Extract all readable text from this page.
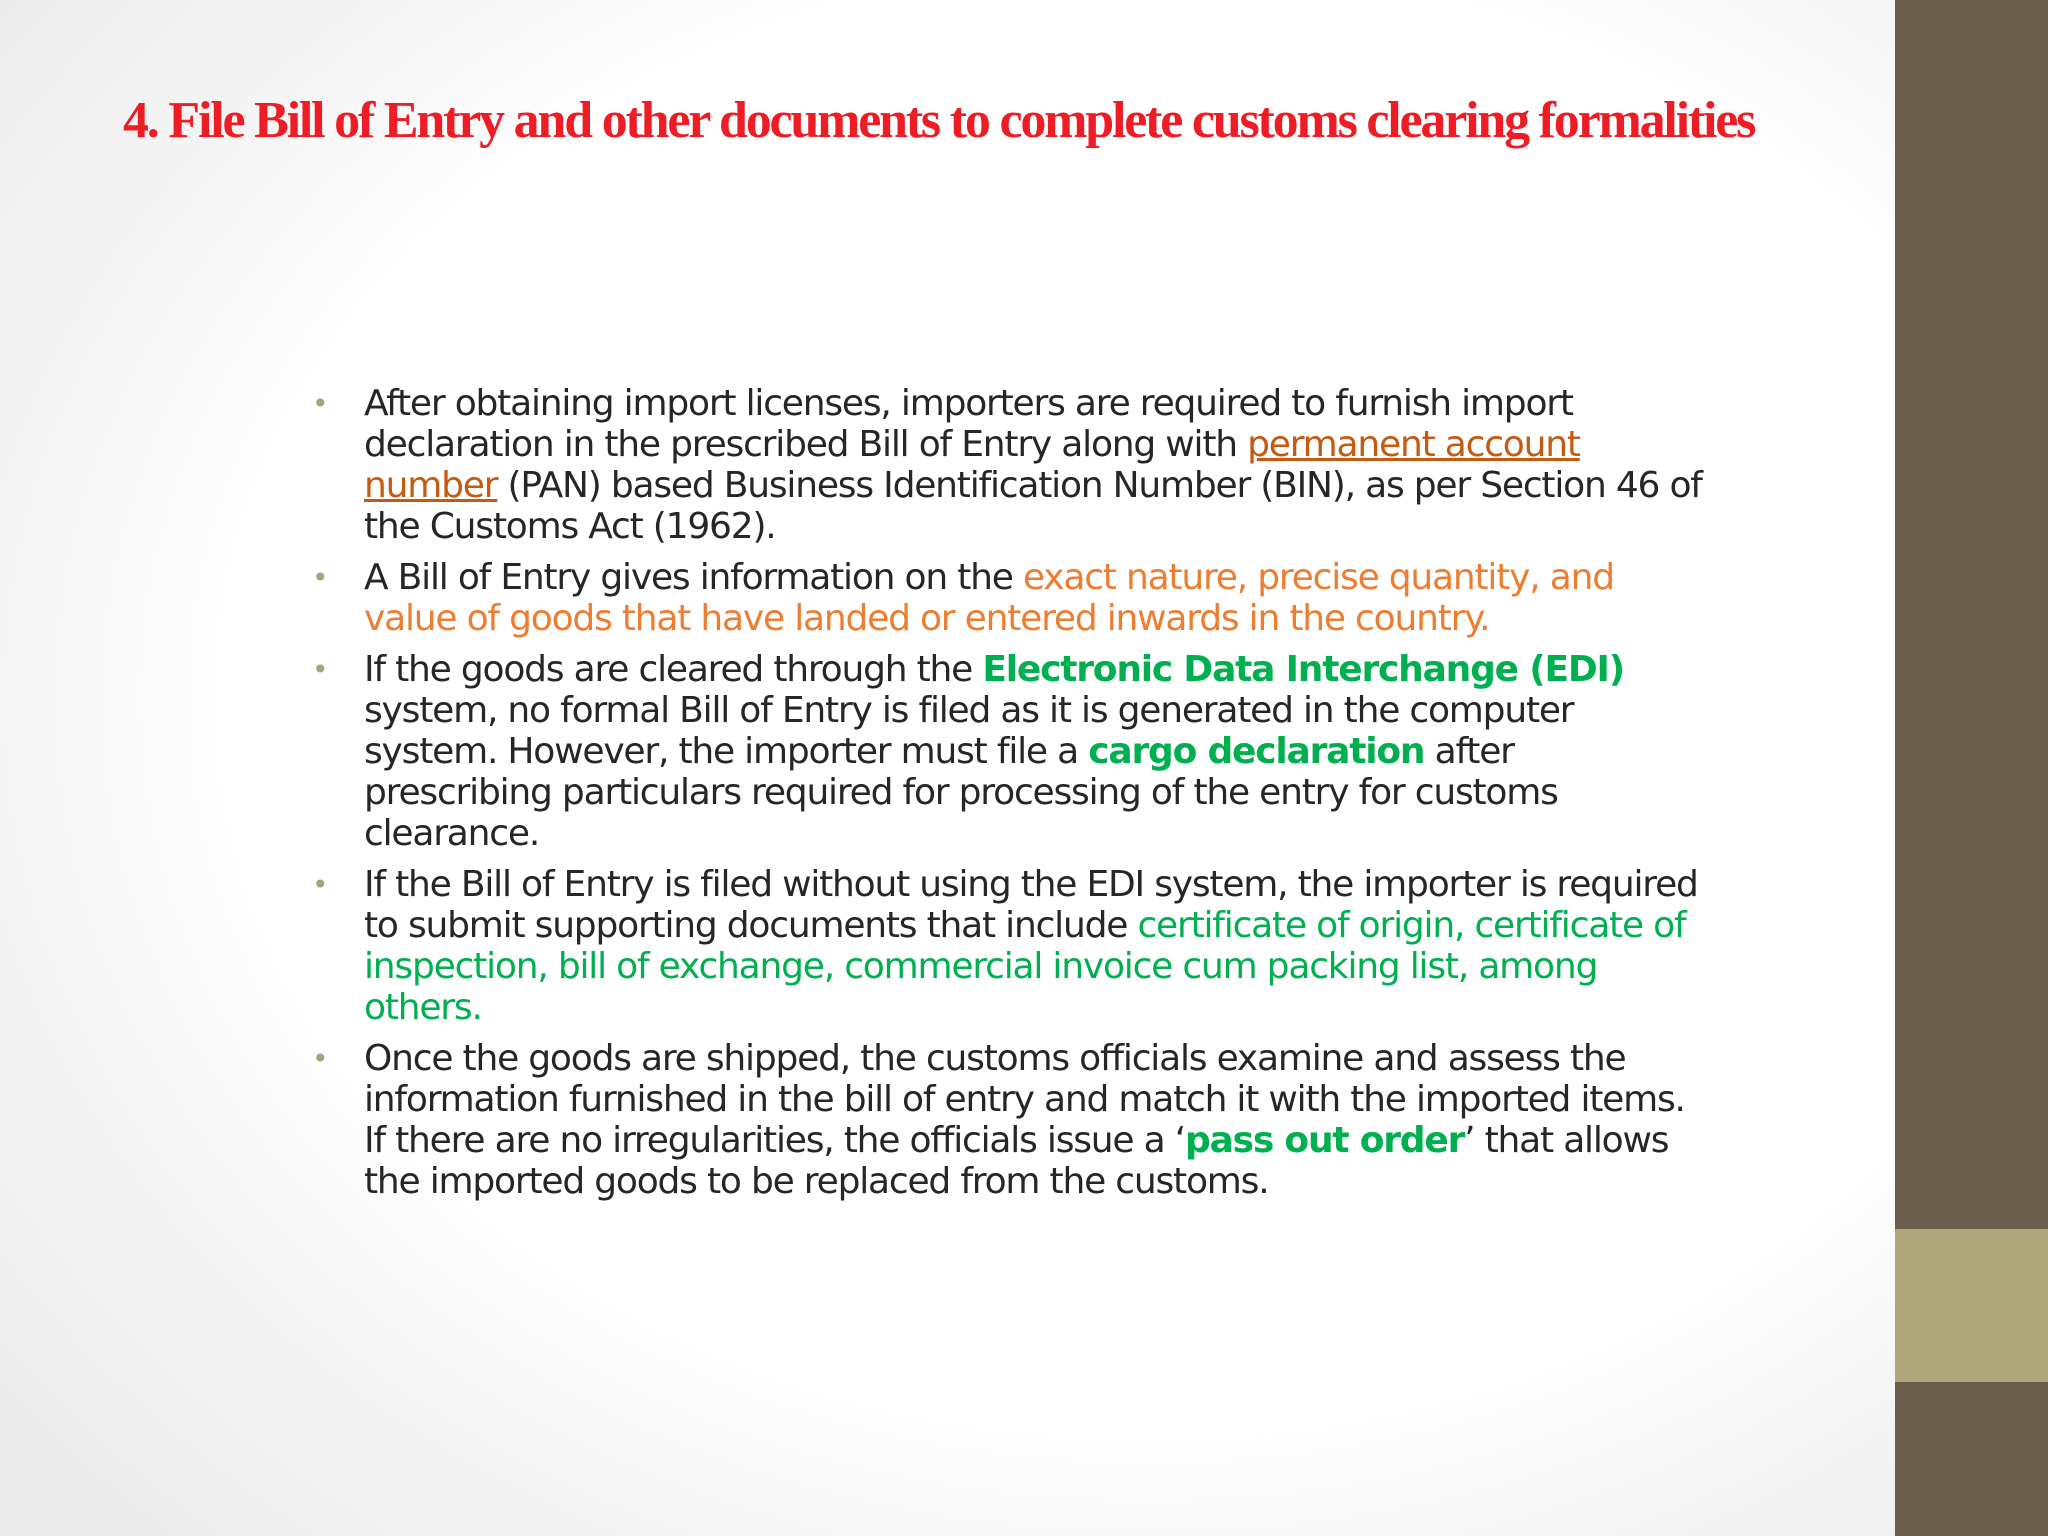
4. File Bill of Entry and other documents to complete customs clearing formalities
• After obtaining import licenses, importers are required to furnish import declaration in the prescribed Bill of Entry along with permanent account number (PAN) based Business Identification Number (BIN), as per Section 46 of the Customs Act (1962).
• A Bill of Entry gives information on the exact nature, precise quantity, and value of goods that have landed or entered inwards in the country.
• If the goods are cleared through the Electronic Data Interchange (EDI) system, no formal Bill of Entry is filed as it is generated in the computer system. However, the importer must file a cargo declaration after prescribing particulars required for processing of the entry for customs clearance.
• If the Bill of Entry is filed without using the EDI system, the importer is required to submit supporting documents that include certificate of origin, certificate of inspection, bill of exchange, commercial invoice cum packing list, among others.
• Once the goods are shipped, the customs officials examine and assess the information furnished in the bill of entry and match it with the imported items. If there are no irregularities, the officials issue a ‘pass out order’ that allows the imported goods to be replaced from the customs.
